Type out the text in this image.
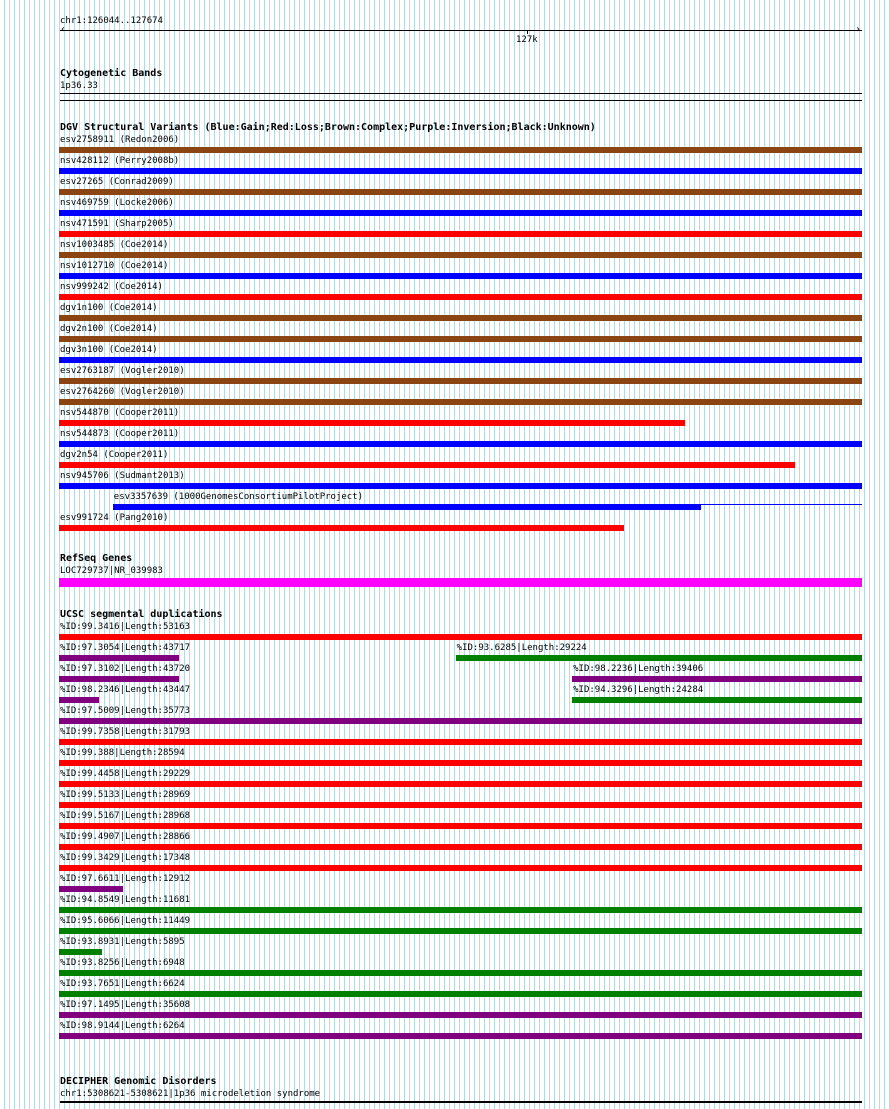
chr1:126044..127674
‹	›
127k
Cytogenetic Bands
1p36.33
DGV Structural Variants (Blue:Gain;Red:Loss;Brown:Complex;Purple:Inversion;Black:Unknown)
esv2758911 (Redon2006)
nsv428112 (Perry2008b)
esv27265 (Conrad2009)
nsv469759 (Locke2006)
nsv471591 (Sharp2005)
nsv1003485 (Coe2014)
nsv1012710 (Coe2014)
nsv999242 (Coe2014)
dgv1n100 (Coe2014)
dgv2n100 (Coe2014)
dgv3n100 (Coe2014)
esv2763187 (Vogler2010)
esv2764260 (Vogler2010)
nsv544870 (Cooper2011)
nsv544873 (Cooper2011)
dgv2n54 (Cooper2011)
nsv945706 (Sudmant2013)
esv3357639 (1000GenomesConsortiumPilotProject)
esv991724 (Pang2010)
RefSeq Genes
LOC729737|NR_039983
UCSC segmental duplications
%ID:99.3416|Length:53163
%ID:97.3054|Length:43717	%ID:93.6285|Length:29224
%ID:97.3102|Length:43720	%ID:98.2236|Length:39406
%ID:98.2346|Length:43447	%ID:94.3296|Length:24284
%ID:97.5009|Length:35773
%ID:99.7358|Length:31793
%ID:99.388|Length:28594
%ID:99.4458|Length:29229
%ID:99.5133|Length:28969
%ID:99.5167|Length:28968
%ID:99.4907|Length:28866
%ID:99.3429|Length:17348
%ID:97.6611|Length:12912
%ID:94.8549|Length:11681
%ID:95.6066|Length:11449
%ID:93.8931|Length:5895
%ID:93.8256|Length:6948
%ID:93.7651|Length:6624
%ID:97.1495|Length:35608
%ID:98.9144|Length:6264
DECIPHER Genomic Disorders
chr1:5308621-5308621|1p36 microdeletion syndrome
